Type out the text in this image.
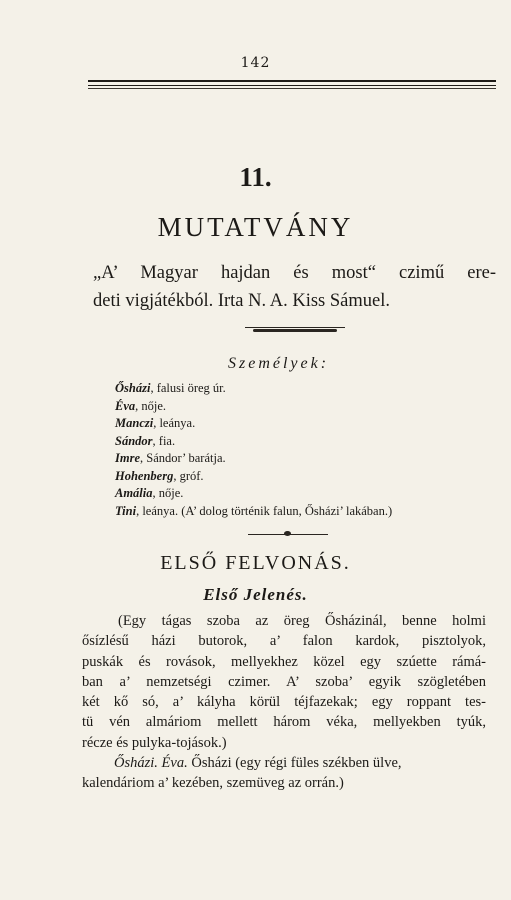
142
11.
MUTATVÁNY
„A’ Magyar hajdan és most“ czimű ere-
deti vigjátékból. Irta N. A. Kiss Sámuel.
Személyek:
Ősházi, falusi öreg úr.
Éva, nője.
Manczi, leánya.
Sándor, fia.
Imre, Sándor’ barátja.
Hohenberg, gróf.
Amália, nője.
Tini, leánya. (A’ dolog történik falun, Ősházi’ lakában.)
ELSŐ FELVONÁS.
Első Jelenés.
(Egy tágas szoba az öreg Ősházinál, benne holmi
ősízlésű házi butorok, a’ falon kardok, pisztolyok,
puskák és rovások, mellyekhez közel egy szúette rámá-
ban a’ nemzetségi czimer. A’ szoba’ egyik szögletében
két kő só, a’ kályha körül téjfazekak; egy roppant tes-
tü vén almáriom mellett három véka, mellyekben tyúk,
récze és pulyka-tojások.)
Ősházi. Éva. Ősházi (egy régi füles székben ülve,
kalendáriom a’ kezében, szemüveg az orrán.)
